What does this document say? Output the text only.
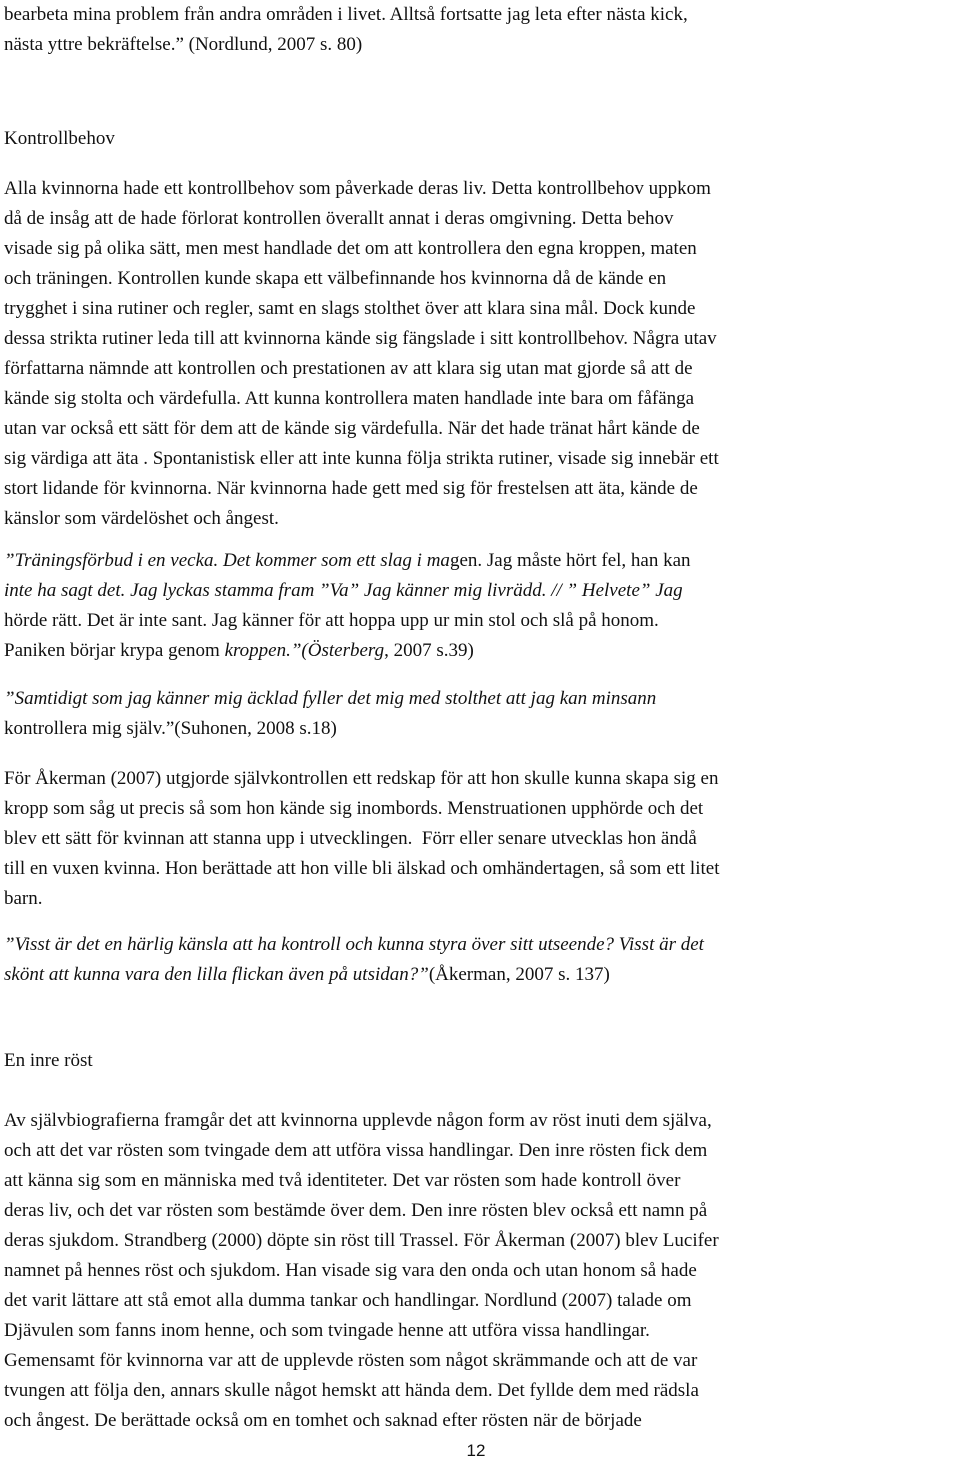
bearbeta mina problem från andra områden i livet. Alltså fortsatte jag leta efter nästa kick,
nästa yttre bekräftelse.” (Nordlund, 2007 s. 80)
Kontrollbehov
Alla kvinnorna hade ett kontrollbehov som påverkade deras liv. Detta kontrollbehov uppkom
då de insåg att de hade förlorat kontrollen överallt annat i deras omgivning. Detta behov
visade sig på olika sätt, men mest handlade det om att kontrollera den egna kroppen, maten
och träningen. Kontrollen kunde skapa ett välbefinnande hos kvinnorna då de kände en
trygghet i sina rutiner och regler, samt en slags stolthet över att klara sina mål. Dock kunde
dessa strikta rutiner leda till att kvinnorna kände sig fängslade i sitt kontrollbehov. Några utav
författarna nämnde att kontrollen och prestationen av att klara sig utan mat gjorde så att de
kände sig stolta och värdefulla. Att kunna kontrollera maten handlade inte bara om fåfänga
utan var också ett sätt för dem att de kände sig värdefulla. När det hade tränat hårt kände de
sig värdiga att äta . Spontanistisk eller att inte kunna följa strikta rutiner, visade sig innebär ett
stort lidande för kvinnorna. När kvinnorna hade gett med sig för frestelsen att äta, kände de
känslor som värdelöshet och ångest.
”Träningsförbud i en vecka. Det kommer som ett slag i magen. Jag måste hört fel, han kan
inte ha sagt det. Jag lyckas stamma fram ”Va” Jag känner mig livrädd. // ” Helvete” Jag
hörde rätt. Det är inte sant. Jag känner för att hoppa upp ur min stol och slå på honom.
Paniken börjar krypa genom kroppen.”(Österberg, 2007 s.39)
”Samtidigt som jag känner mig äcklad fyller det mig med stolthet att jag kan minsann
kontrollera mig själv.”(Suhonen, 2008 s.18)
För Åkerman (2007) utgjorde självkontrollen ett redskap för att hon skulle kunna skapa sig en
kropp som såg ut precis så som hon kände sig inombords. Menstruationen upphörde och det
blev ett sätt för kvinnan att stanna upp i utvecklingen.  Förr eller senare utvecklas hon ändå
till en vuxen kvinna. Hon berättade att hon ville bli älskad och omhändertagen, så som ett litet
barn.
”Visst är det en härlig känsla att ha kontroll och kunna styra över sitt utseende? Visst är det
skönt att kunna vara den lilla flickan även på utsidan?”(Åkerman, 2007 s. 137)
En inre röst
Av självbiografierna framgår det att kvinnorna upplevde någon form av röst inuti dem själva,
och att det var rösten som tvingade dem att utföra vissa handlingar. Den inre rösten fick dem
att känna sig som en människa med två identiteter. Det var rösten som hade kontroll över
deras liv, och det var rösten som bestämde över dem. Den inre rösten blev också ett namn på
deras sjukdom. Strandberg (2000) döpte sin röst till Trassel. För Åkerman (2007) blev Lucifer
namnet på hennes röst och sjukdom. Han visade sig vara den onda och utan honom så hade
det varit lättare att stå emot alla dumma tankar och handlingar. Nordlund (2007) talade om
Djävulen som fanns inom henne, och som tvingade henne att utföra vissa handlingar.
Gemensamt för kvinnorna var att de upplevde rösten som något skrämmande och att de var
tvungen att följa den, annars skulle något hemskt att hända dem. Det fyllde dem med rädsla
och ångest. De berättade också om en tomhet och saknad efter rösten när de började
12
